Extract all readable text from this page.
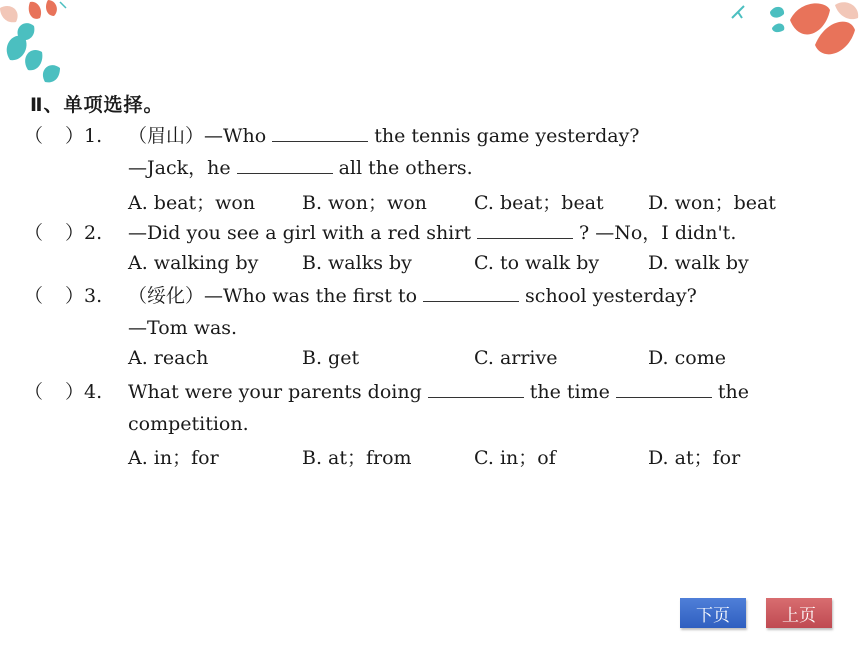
Ⅱ、单项选择。
（ ）1. （眉山）—Who	the tennis game yesterday?
—Jack，he	all the others.
A. beat；won B. won；won C. beat；beat D. won；beat
（ ）2. —Did you see a girl with a red shirt	? —No，I didn't.
A. walking by B. walks by	C. to walk by	D. walk by
（ ）3. （绥化）—Who was the first to	school yesterday?
—Tom was.
A. reach	B. get	C. arrive	D. come
（ ）4. What were your parents doing	the time	the
competition.
A. in；for	B. at；from	C. in；of	D. at；for
下页	上页
